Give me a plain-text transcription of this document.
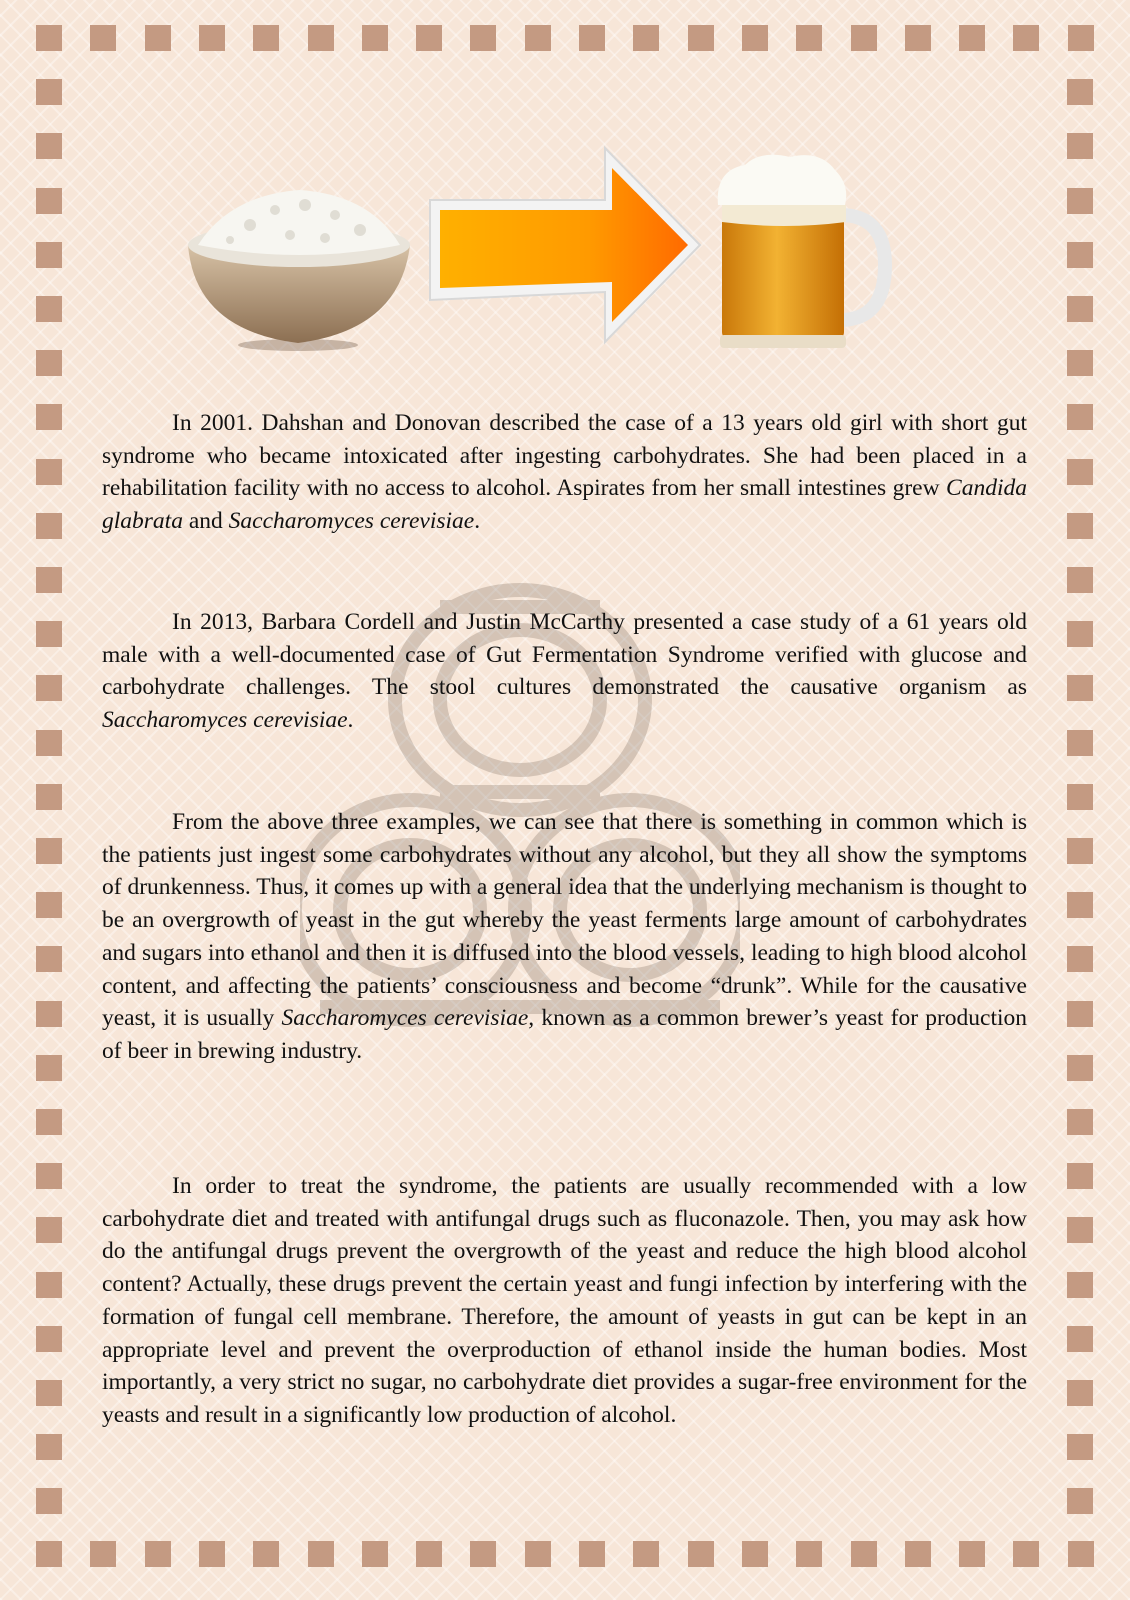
In 2001. Dahshan and Donovan described the case of a 13 years old girl with short gut syndrome who became intoxicated after ingesting carbohydrates. She had been placed in a rehabilitation facility with no access to alcohol. Aspirates from her small intestines grew Candida glabrata and Saccharomyces cerevisiae.

In 2013, Barbara Cordell and Justin McCarthy presented a case study of a 61 years old male with a well-documented case of Gut Fermentation Syndrome verified with glucose and carbohydrate challenges. The stool cultures demonstrated the causative organism as Saccharomyces cerevisiae.

From the above three examples, we can see that there is something in common which is the patients just ingest some carbohydrates without any alcohol, but they all show the symptoms of drunkenness. Thus, it comes up with a general idea that the underlying mechanism is thought to be an overgrowth of yeast in the gut whereby the yeast ferments large amount of carbohydrates and sugars into ethanol and then it is diffused into the blood vessels, leading to high blood alcohol content, and affecting the patients’ consciousness and become “drunk”. While for the causative yeast, it is usually Saccharomyces cerevisiae, known as a common brewer’s yeast for production of beer in brewing industry.

In order to treat the syndrome, the patients are usually recommended with a low carbohydrate diet and treated with antifungal drugs such as fluconazole. Then, you may ask how do the antifungal drugs prevent the overgrowth of the yeast and reduce the high blood alcohol content? Actually, these drugs prevent the certain yeast and fungi infection by interfering with the formation of fungal cell membrane. Therefore, the amount of yeasts in gut can be kept in an appropriate level and prevent the overproduction of ethanol inside the human bodies. Most importantly, a very strict no sugar, no carbohydrate diet provides a sugar-free environment for the yeasts and result in a significantly low production of alcohol.
